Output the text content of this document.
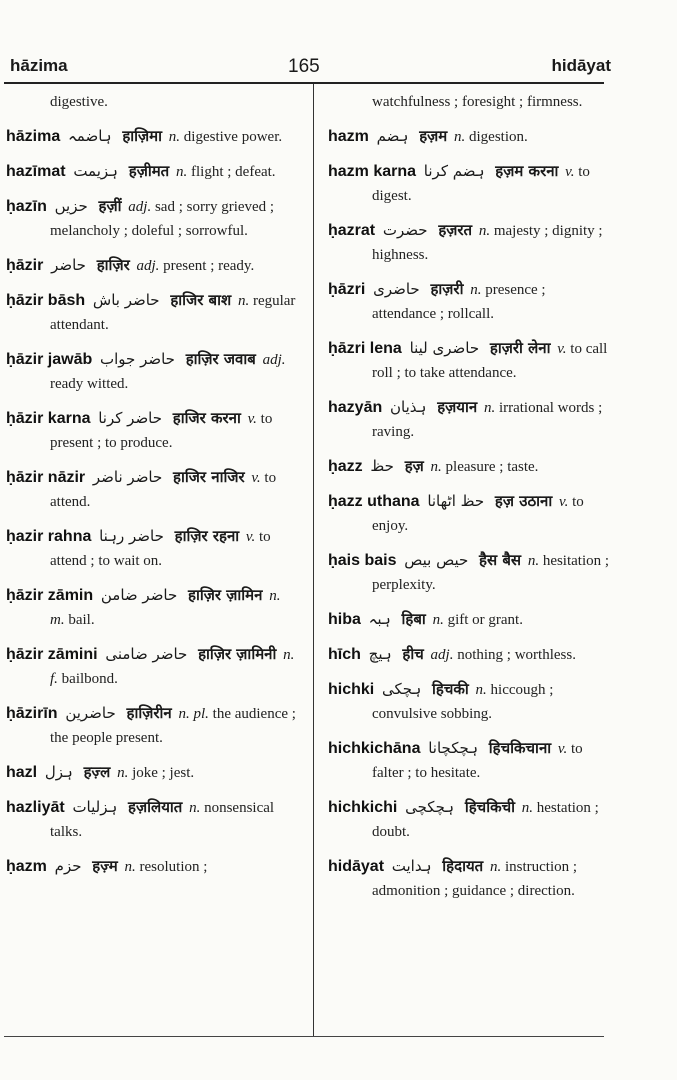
hāzima	165	hidāyat
digestive.
hāzima ہاضمہ हाज़िमा n. digestive power.
hazīmat ہزیمت हज़ीमत n. flight ; defeat.
ḥazīn حزیں हज़ीं adj. sad ; sorry grieved ; melancholy ; doleful ; sorrowful.
ḥāzir حاضر हाज़िर adj. present ; ready.
ḥāzir bāsh حاضر باش हाजिर बाश n. regular attendant.
ḥāzir jawāb حاضر جواب हाज़िर जवाब adj. ready witted.
ḥāzir karna حاضر کرنا हाजिर करना v. to present ; to produce.
ḥāzir nāzir حاضر ناضر हाजिर नाजिर v. to attend.
ḥazir rahna حاضر رہنا हाज़िर रहना v. to attend ; to wait on.
ḥāzir zāmin حاضر ضامن हाज़िर ज़ामिन n. m. bail.
ḥāzir zāmini حاضر ضامنی हाज़िर ज़ामिनी n. f. bailbond.
ḥāzirīn حاضرین हाज़िरीन n. pl. the audience ; the people present.
hazl ہزل हज़्ल n. joke ; jest.
hazliyāt ہزلیات हज़लियात n. nonsensical talks.
ḥazm حزم हज़्म n. resolution ;
watchfulness ; foresight ; firmness.
hazm ہضم हज़म n. digestion.
hazm karna ہضم کرنا हज़म करना v. to digest.
ḥazrat حضرت हज़रत n. majesty ; dignity ; highness.
ḥāzri حاضری हाज़री n. presence ; attendance ; rollcall.
ḥāzri lena حاضری لینا हाज़री लेना v. to call roll ; to take attendance.
hazyān ہذیان हज़यान n. irrational words ; raving.
ḥazz حظ हज़ n. pleasure ; taste.
ḥazz uthana حظ اٹھانا हज़ उठाना v. to enjoy.
ḥais bais حیص بیص हैस बैस n. hesitation ; perplexity.
hiba ہبہ हिबा n. gift or grant.
hīch ہیچ हीच adj. nothing ; worthless.
hichki ہچکی हिचकी n. hiccough ; convulsive sobbing.
hichkichāna ہچکچانا हिचकिचाना v. to falter ; to hesitate.
hichkichi ہچکچی हिचकिची n. hestation ; doubt.
hidāyat ہدایت हिदायत n. instruction ; admonition ; guidance ; direction.
